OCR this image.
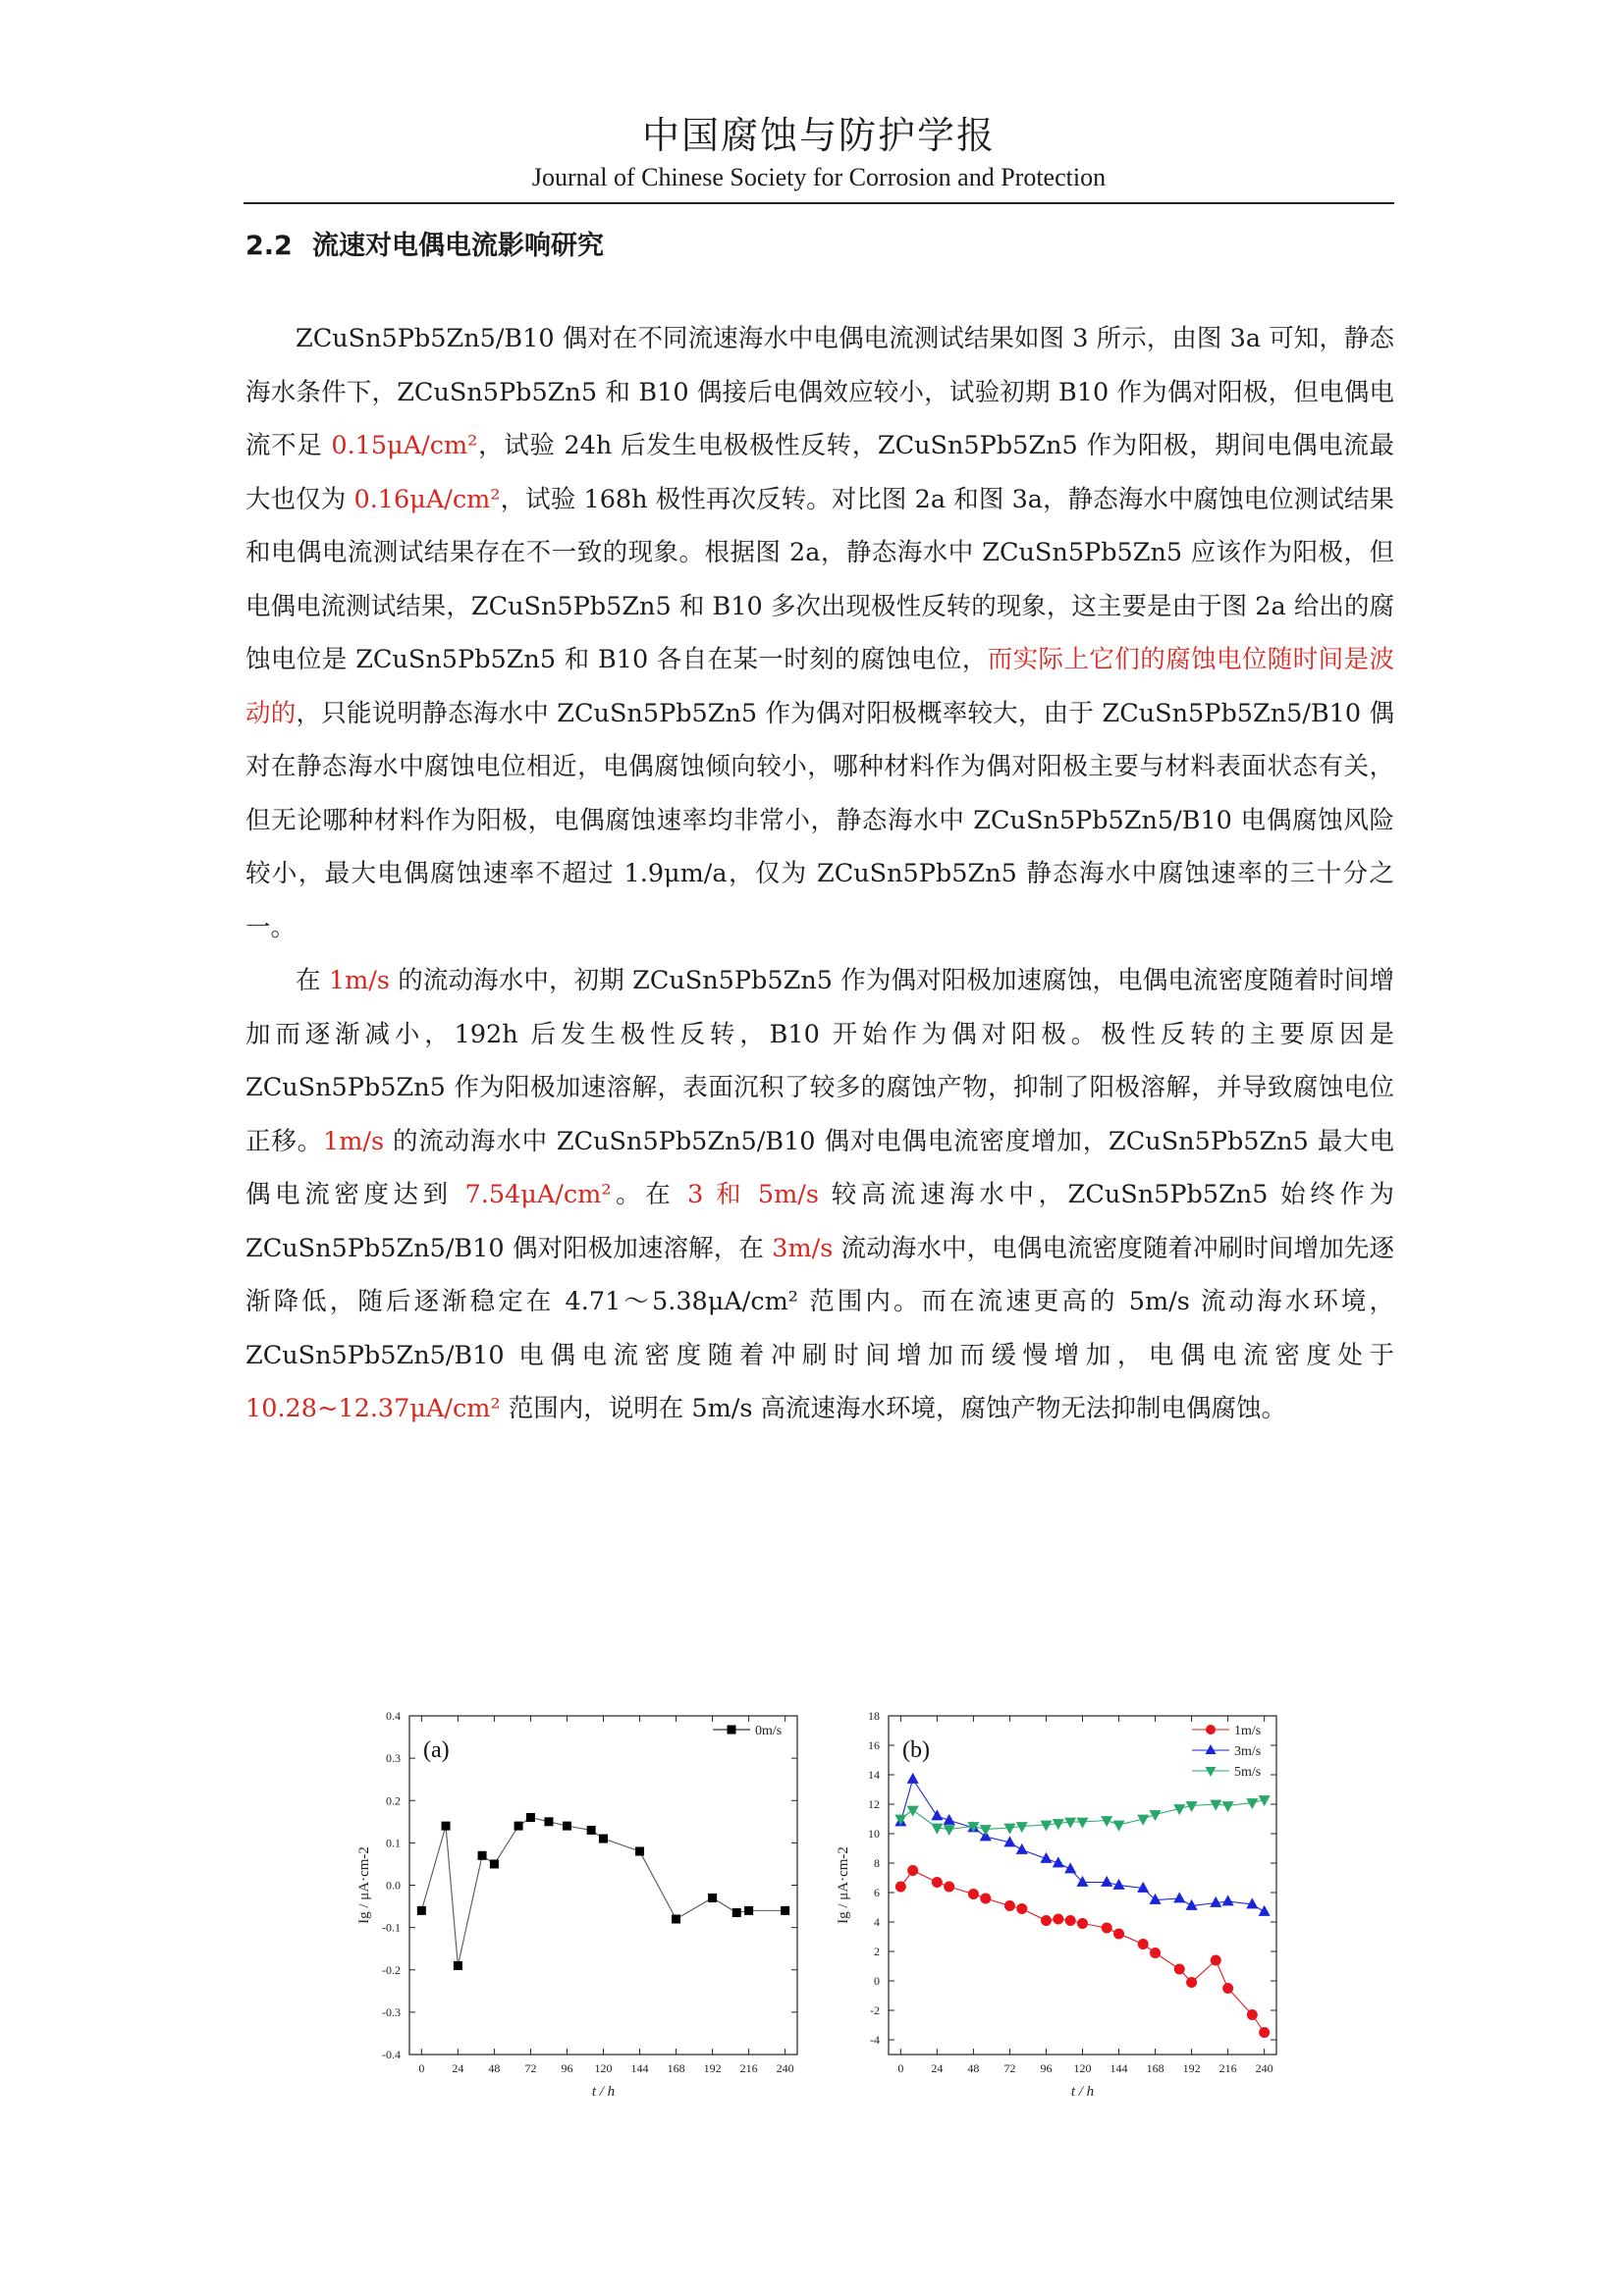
中国腐蚀与防护学报
Journal of Chinese Society for Corrosion and Protection
2.2 流速对电偶电流影响研究

ZCuSn5Pb5Zn5/B10 偶对在不同流速海水中电偶电流测试结果如图 3 所示，由图 3a 可知，静态海水条件下，ZCuSn5Pb5Zn5 和 B10 偶接后电偶效应较小，试验初期 B10 作为偶对阳极，但电偶电流不足 0.15μA/cm²，试验 24h 后发生电极极性反转，ZCuSn5Pb5Zn5 作为阳极，期间电偶电流最大也仅为 0.16μA/cm²，试验 168h 极性再次反转。对比图 2a 和图 3a，静态海水中腐蚀电位测试结果和电偶电流测试结果存在不一致的现象。根据图 2a，静态海水中 ZCuSn5Pb5Zn5 应该作为阳极，但电偶电流测试结果，ZCuSn5Pb5Zn5 和 B10 多次出现极性反转的现象，这主要是由于图 2a 给出的腐蚀电位是 ZCuSn5Pb5Zn5 和 B10 各自在某一时刻的腐蚀电位，而实际上它们的腐蚀电位随时间是波动的，只能说明静态海水中 ZCuSn5Pb5Zn5 作为偶对阳极概率较大，由于 ZCuSn5Pb5Zn5/B10 偶对在静态海水中腐蚀电位相近，电偶腐蚀倾向较小，哪种材料作为偶对阳极主要与材料表面状态有关，但无论哪种材料作为阳极，电偶腐蚀速率均非常小，静态海水中 ZCuSn5Pb5Zn5/B10 电偶腐蚀风险较小，最大电偶腐蚀速率不超过 1.9μm/a，仅为 ZCuSn5Pb5Zn5 静态海水中腐蚀速率的三十分之一。

在 1m/s 的流动海水中，初期 ZCuSn5Pb5Zn5 作为偶对阳极加速腐蚀，电偶电流密度随着时间增加而逐渐减小，192h 后发生极性反转，B10 开始作为偶对阳极。极性反转的主要原因是 ZCuSn5Pb5Zn5 作为阳极加速溶解，表面沉积了较多的腐蚀产物，抑制了阳极溶解，并导致腐蚀电位正移。1m/s 的流动海水中 ZCuSn5Pb5Zn5/B10 偶对电偶电流密度增加，ZCuSn5Pb5Zn5 最大电偶电流密度达到 7.54μA/cm²。在 3 和 5m/s 较高流速海水中，ZCuSn5Pb5Zn5 始终作为 ZCuSn5Pb5Zn5/B10 偶对阳极加速溶解，在 3m/s 流动海水中，电偶电流密度随着冲刷时间增加先逐渐降低，随后逐渐稳定在 4.71～5.38μA/cm² 范围内。而在流速更高的 5m/s 流动海水环境，ZCuSn5Pb5Zn5/B10 电偶电流密度随着冲刷时间增加而缓慢增加，电偶电流密度处于 10.28~12.37μA/cm² 范围内，说明在 5m/s 高流速海水环境，腐蚀产物无法抑制电偶腐蚀。

0 24 48 72 96 120 144 168 192 216 240
-0.4
-0.3
-0.2
-0.1
0.0
0.1
0.2
0.3
0.4
t / h
Ig / μA·cm-2
(a)
0m/s
0 24 48 72 96 120 144 168 192 216 240
-4
-2
0
2
4
6
8
10
12
14
16
18
t / h
Ig / μA·cm-2
(b)
1m/s
3m/s
5m/s
